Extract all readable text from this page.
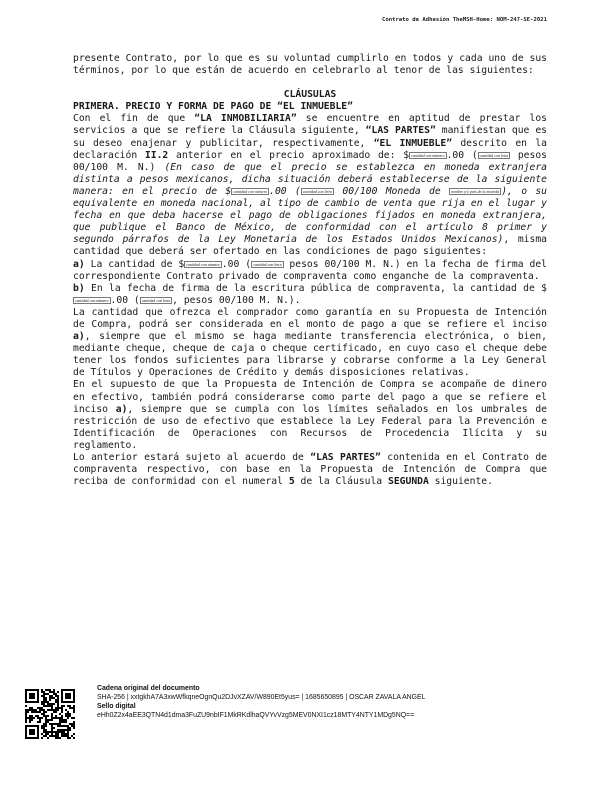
Contrato de Adhesión TheMSH-Home: NOM-247-SE-2021

presente Contrato, por lo que es su voluntad cumplirlo en todos y cada uno de sus términos, por lo que están de acuerdo en celebrarlo al tenor de las siguientes:

CLÁUSULAS

PRIMERA. PRECIO Y FORMA DE PAGO DE “EL INMUEBLE”

Con el fin de que “LA INMOBILIARIA” se encuentre en aptitud de prestar los servicios a que se refiere la Cláusula siguiente, “LAS PARTES” manifiestan que es su deseo enajenar y publicitar, respectivamente, “EL INMUEBLE” descrito en la declaración II.2 anterior en el precio aproximado de: $ cantidad con número .00 ( cantidad con letra pesos 00/100 M. N.) (En caso de que el precio se establezca en moneda extranjera distinta a pesos mexicanos, dicha situación deberá establecerse de la siguiente manera: en el precio de $ cantidad con número .00 ( cantidad con letra 00/100 Moneda de nombre y/o país de la moneda ), o su equivalente en moneda nacional, al tipo de cambio de venta que rija en el lugar y fecha en que deba hacerse el pago de obligaciones fijados en moneda extranjera, que publique el Banco de México, de conformidad con el artículo 8 primer y segundo párrafos de la Ley Monetaria de los Estados Unidos Mexicanos), misma cantidad que deberá ser ofertado en las condiciones de pago siguientes:

a) La cantidad de $ cantidad con número .00 ( cantidad con letra pesos 00/100 M. N.) en la fecha de firma del correspondiente Contrato privado de compraventa como enganche de la compraventa.

b) En la fecha de firma de la escritura pública de compraventa, la cantidad de $cantidad con número .00 ( cantidad con letra , pesos 00/100 M. N.).

La cantidad que ofrezca el comprador como garantía en su Propuesta de Intención de Compra, podrá ser considerada en el monto de pago a que se refiere el inciso a), siempre que el mismo se haga mediante transferencia electrónica, o bien, mediante cheque, cheque de caja o cheque certificado, en cuyo caso el cheque debe tener los fondos suficientes para librarse y cobrarse conforme a la Ley General de Títulos y Operaciones de Crédito y demás disposiciones relativas.

En el supuesto de que la Propuesta de Intención de Compra se acompañe de dinero en efectivo, también podrá considerarse como parte del pago a que se refiere el inciso a), siempre que se cumpla con los límites señalados en los umbrales de restricción de uso de efectivo que establece la Ley Federal para la Prevención e Identificación de Operaciones con Recursos de Procedencia Ilícita y su reglamento.

Lo anterior estará sujeto al acuerdo de “LAS PARTES” contenida en el Contrato de compraventa respectivo, con base en la Propuesta de Intención de Compra que reciba de conformidad con el numeral 5 de la Cláusula SEGUNDA siguiente.

Cadena original del documento
SHA-256 | xxtgkhA7A3xwWfkqneOgnQu2DJvXZAV/W890Et5yus= | 1685650895 | OSCAR ZAVALA ANGEL
Sello digital
eHh0Z2x4aEE3QTN4d1dma3FuZU9nbIF1MkRKdlhaQVYvVzg5MEV0NXI1cz18MTY4NTY1MDg5NQ==
